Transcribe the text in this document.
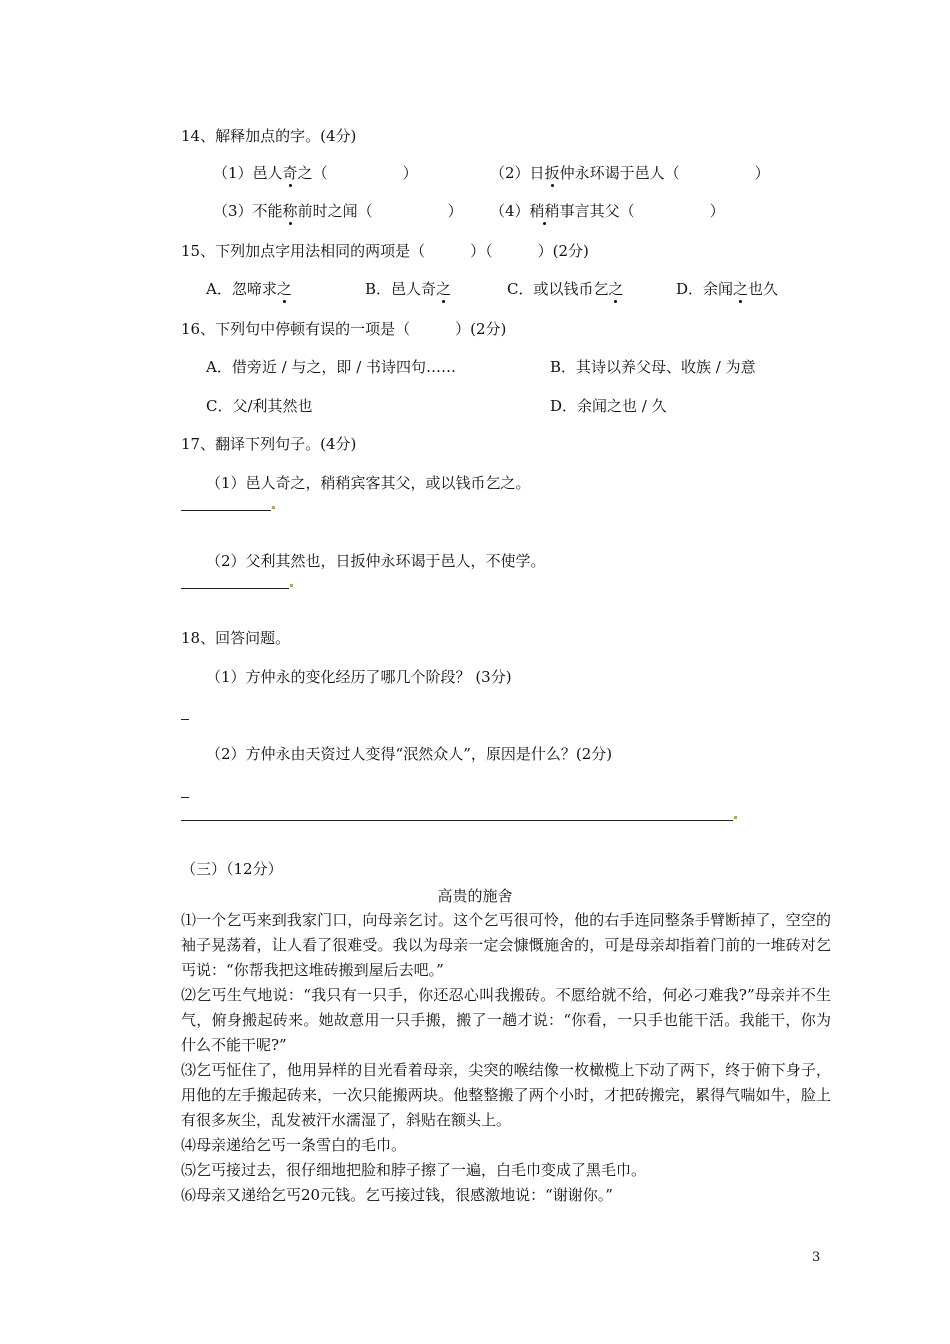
14、解释加点的字。(4分)
（1）邑人奇之（　　　　　）	（2）日扳仲永环谒于邑人（　　　　　）
（3）不能称前时之闻（　　　　　） （4）稍稍事言其父（　　　　　）
15、下列加点字用法相同的两项是（　　　）（　　　）(2分)
A．忽啼求之	B．邑人奇之	C．或以钱币乞之	D．余闻之也久
16、下列句中停顿有误的一项是（　　　）(2分)
A．借旁近 / 与之，即 / 书诗四句……	B．其诗以养父母、收族 / 为意
C．父/利其然也	D．余闻之也 / 久
17、翻译下列句子。(4分)
（1）邑人奇之，稍稍宾客其父，或以钱币乞之。
（2）父利其然也，日扳仲永环谒于邑人，不使学。
18、回答问题。
（1）方仲永的变化经历了哪几个阶段？ (3分)
（2）方仲永由天资过人变得“泯然众人”，原因是什么？(2分)
（三）（12分）
高贵的施舍
⑴一个乞丐来到我家门口，向母亲乞讨。这个乞丐很可怜，他的右手连同整条手臂断掉了，空空的袖子晃荡着，让人看了很难受。我以为母亲一定会慷慨施舍的，可是母亲却指着门前的一堆砖对乞丐说：“你帮我把这堆砖搬到屋后去吧。”
⑵乞丐生气地说：“我只有一只手，你还忍心叫我搬砖。不愿给就不给，何必刁难我?”母亲并不生气，俯身搬起砖来。她故意用一只手搬，搬了一趟才说：“你看，一只手也能干活。我能干，你为什么不能干呢?”
⑶乞丐怔住了，他用异样的目光看着母亲，尖突的喉结像一枚橄榄上下动了两下，终于俯下身子，用他的左手搬起砖来，一次只能搬两块。他整整搬了两个小时，才把砖搬完，累得气喘如牛，脸上有很多灰尘，乱发被汗水濡湿了，斜贴在额头上。
⑷母亲递给乞丐一条雪白的毛巾。
⑸乞丐接过去，很仔细地把脸和脖子擦了一遍，白毛巾变成了黑毛巾。
⑹母亲又递给乞丐20元钱。乞丐接过钱，很感激地说：“谢谢你。”
3
